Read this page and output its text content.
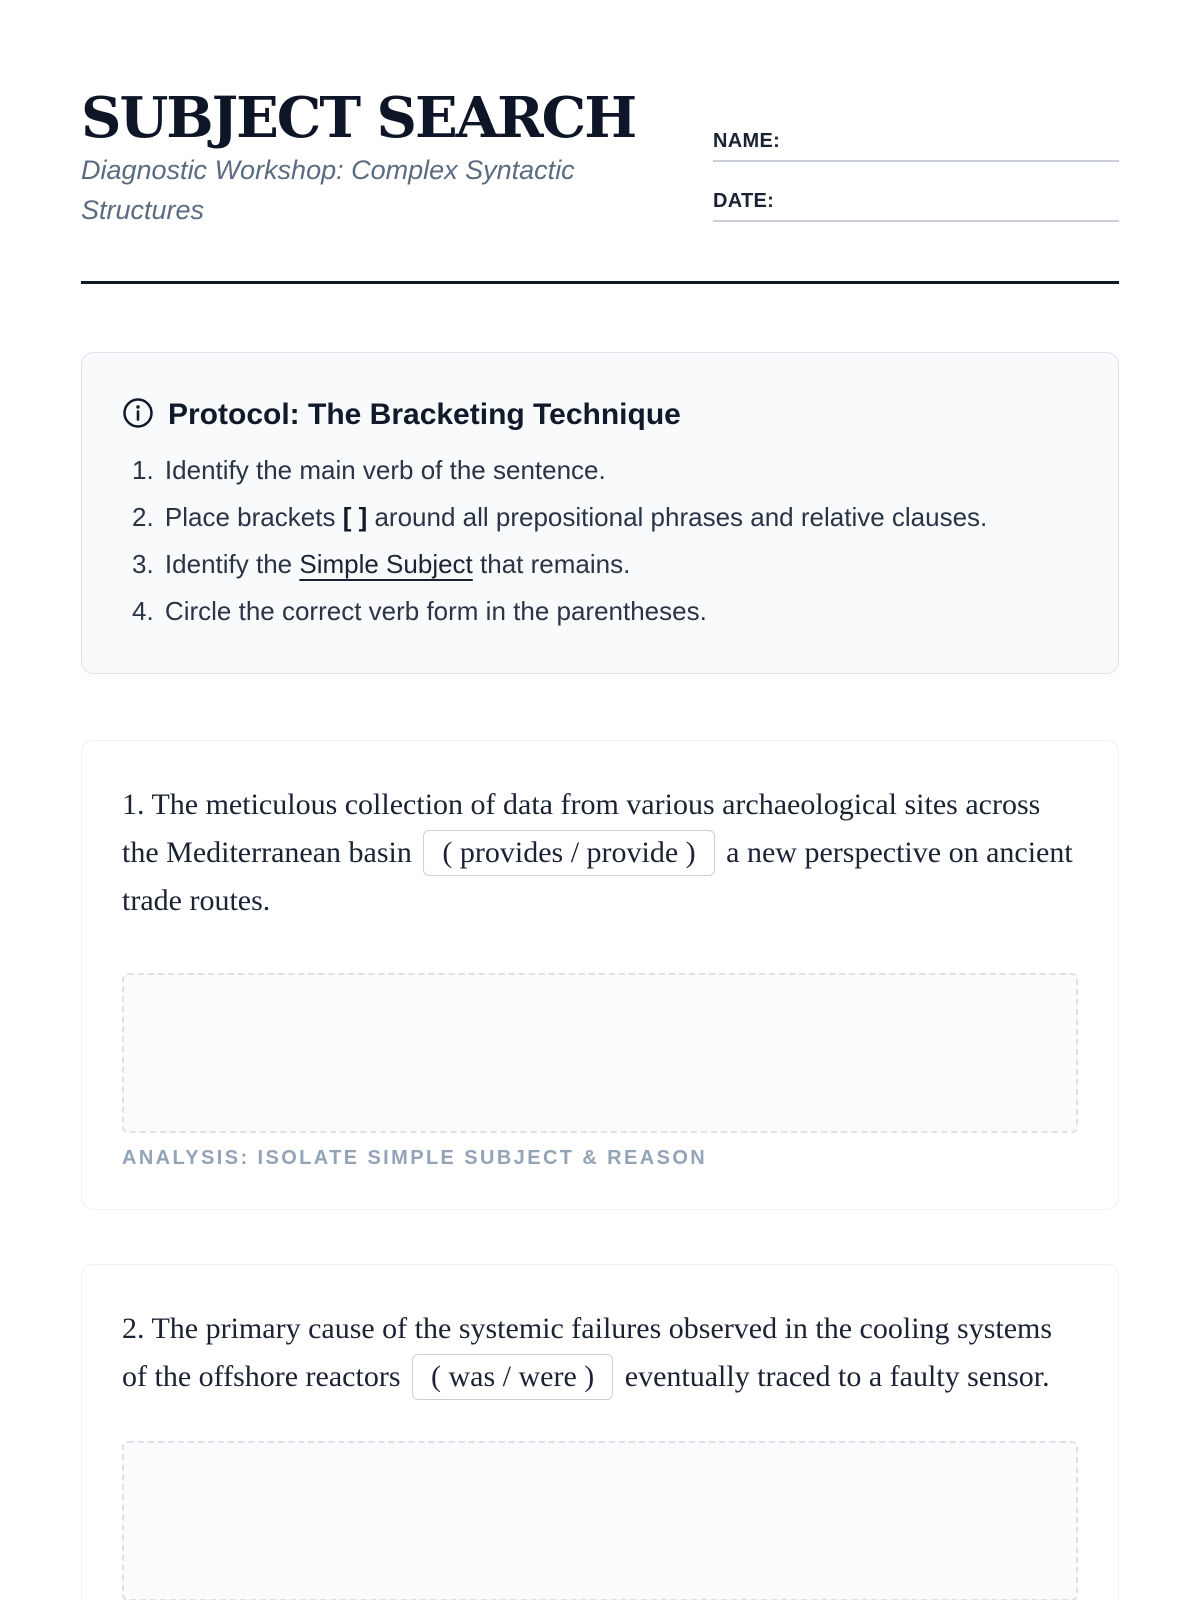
SUBJECT SEARCH
Diagnostic Workshop: Complex Syntactic Structures
NAME:
DATE:
Protocol: The Bracketing Technique
1. Identify the main verb of the sentence.
2. Place brackets [ ] around all prepositional phrases and relative clauses.
3. Identify the Simple Subject that remains.
4. Circle the correct verb form in the parentheses.

1. The meticulous collection of data from various archaeological sites across the Mediterranean basin ( provides / provide ) a new perspective on ancient trade routes.

ANALYSIS: ISOLATE SIMPLE SUBJECT & REASON

2. The primary cause of the systemic failures observed in the cooling systems of the offshore reactors ( was / were ) eventually traced to a faulty sensor.
